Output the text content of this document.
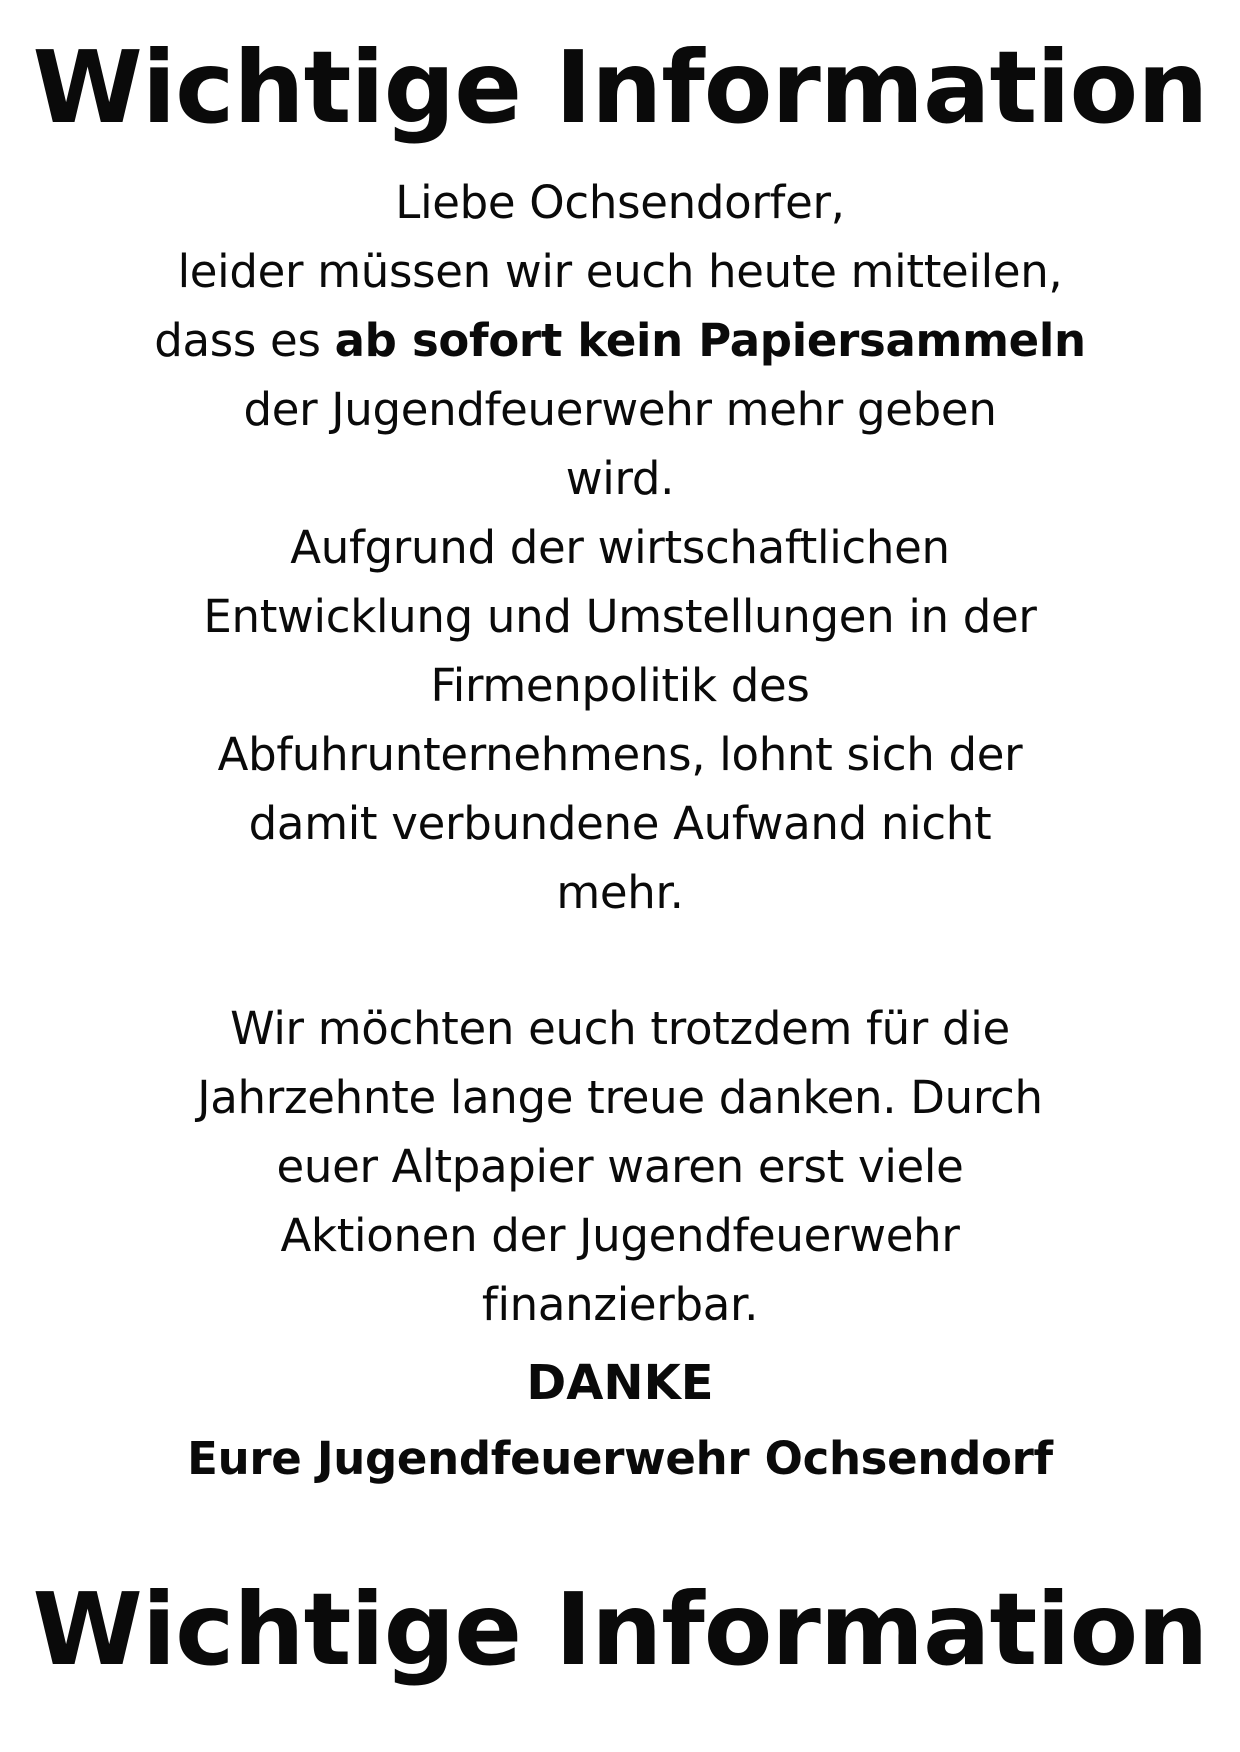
Wichtige Information
Liebe Ochsendorfer,
leider müssen wir euch heute mitteilen,
dass es ab sofort kein Papiersammeln
der Jugendfeuerwehr mehr geben
wird.
Aufgrund der wirtschaftlichen
Entwicklung und Umstellungen in der
Firmenpolitik des
Abfuhrunternehmens, lohnt sich der
damit verbundene Aufwand nicht
mehr.
Wir möchten euch trotzdem für die
Jahrzehnte lange treue danken. Durch
euer Altpapier waren erst viele
Aktionen der Jugendfeuerwehr
finanzierbar.
DANKE
Eure Jugendfeuerwehr Ochsendorf
Wichtige Information
